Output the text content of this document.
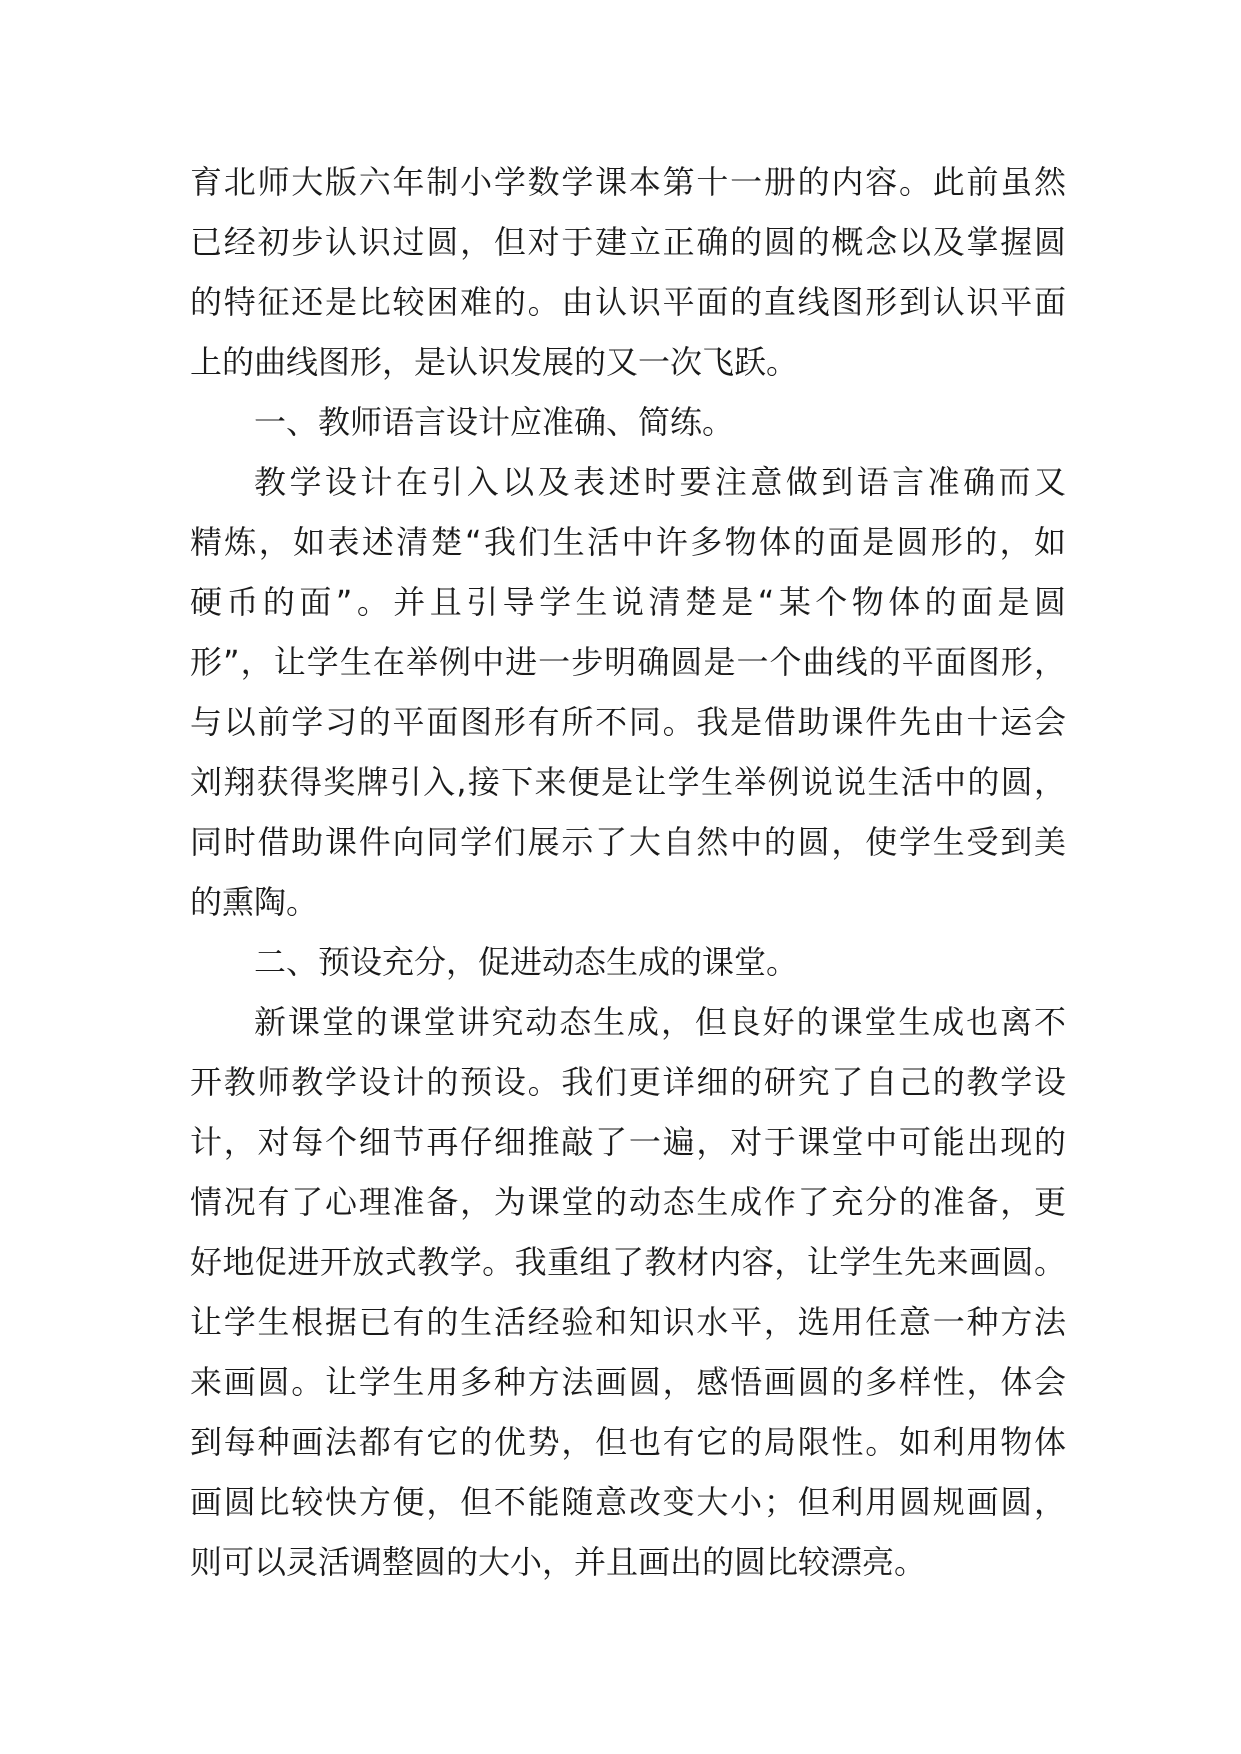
育北师大版六年制小学数学课本第十一册的内容。此前虽然
已经初步认识过圆，但对于建立正确的圆的概念以及掌握圆
的特征还是比较困难的。由认识平面的直线图形到认识平面
上的曲线图形，是认识发展的又一次飞跃。
一、教师语言设计应准确、简练。
教学设计在引入以及表述时要注意做到语言准确而又
精炼，如表述清楚“我们生活中许多物体的面是圆形的，如
硬币的面”。并且引导学生说清楚是“某个物体的面是圆
形”，让学生在举例中进一步明确圆是一个曲线的平面图形，
与以前学习的平面图形有所不同。我是借助课件先由十运会
刘翔获得奖牌引入,接下来便是让学生举例说说生活中的圆，
同时借助课件向同学们展示了大自然中的圆，使学生受到美
的熏陶。
二、预设充分，促进动态生成的课堂。
新课堂的课堂讲究动态生成，但良好的课堂生成也离不
开教师教学设计的预设。我们更详细的研究了自己的教学设
计，对每个细节再仔细推敲了一遍，对于课堂中可能出现的
情况有了心理准备，为课堂的动态生成作了充分的准备，更
好地促进开放式教学。我重组了教材内容，让学生先来画圆。
让学生根据已有的生活经验和知识水平，选用任意一种方法
来画圆。让学生用多种方法画圆，感悟画圆的多样性，体会
到每种画法都有它的优势，但也有它的局限性。如利用物体
画圆比较快方便，但不能随意改变大小；但利用圆规画圆，
则可以灵活调整圆的大小，并且画出的圆比较漂亮。
